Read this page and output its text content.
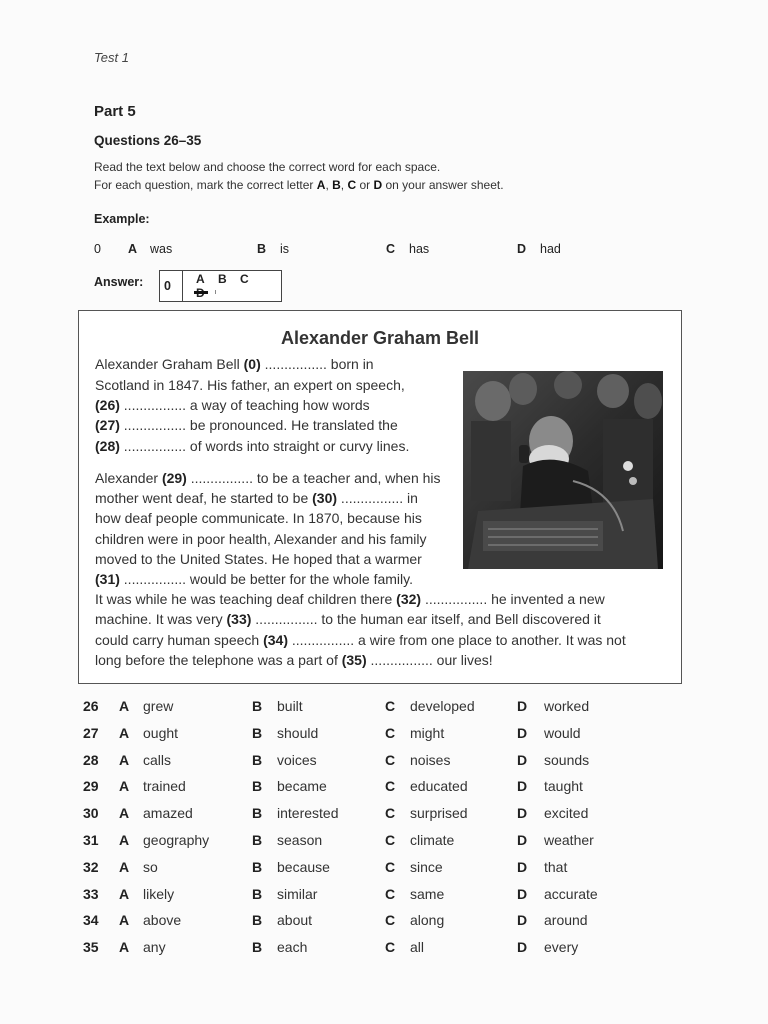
Test 1
Part 5
Questions 26–35
Read the text below and choose the correct word for each space.
For each question, mark the correct letter A, B, C or D on your answer sheet.
Example:
0 A was	B is	C has	D had
Answer: 0 A B C
Alexander Graham Bell
Alexander Graham Bell (0) ................ born in
Scotland in 1847. His father, an expert on speech,
(26) ................ a way of teaching how words
(27) ................ be pronounced. He translated the
(28) ................ of words into straight or curvy lines.
Alexander (29) ................ to be a teacher and, when his
mother went deaf, he started to be (30) ................ in
how deaf people communicate. In 1870, because his
children were in poor health, Alexander and his family
moved to the United States. He hoped that a warmer
(31) ................ would be better for the whole family.
It was while he was teaching deaf children there (32) ................ he invented a new
machine. It was very (33) ................ to the human ear itself, and Bell discovered it
could carry human speech (34) ................ a wire from one place to another. It was not
long before the telephone was a part of (35) ................ our lives!
26 A grew	B built	C developed	D worked
27 A ought	B should	C might	D would
28 A calls	B voices	C noises	D sounds
29 A trained	B became	C educated	D taught
30 A amazed	B interested	C surprised	D excited
31 A geography	B season	C climate	D weather
32 A so	B because	C since	D that
33 A likely	B similar	C same	D accurate
34 A above	B about	C along	D around
35 A any	B each	C all	D every
